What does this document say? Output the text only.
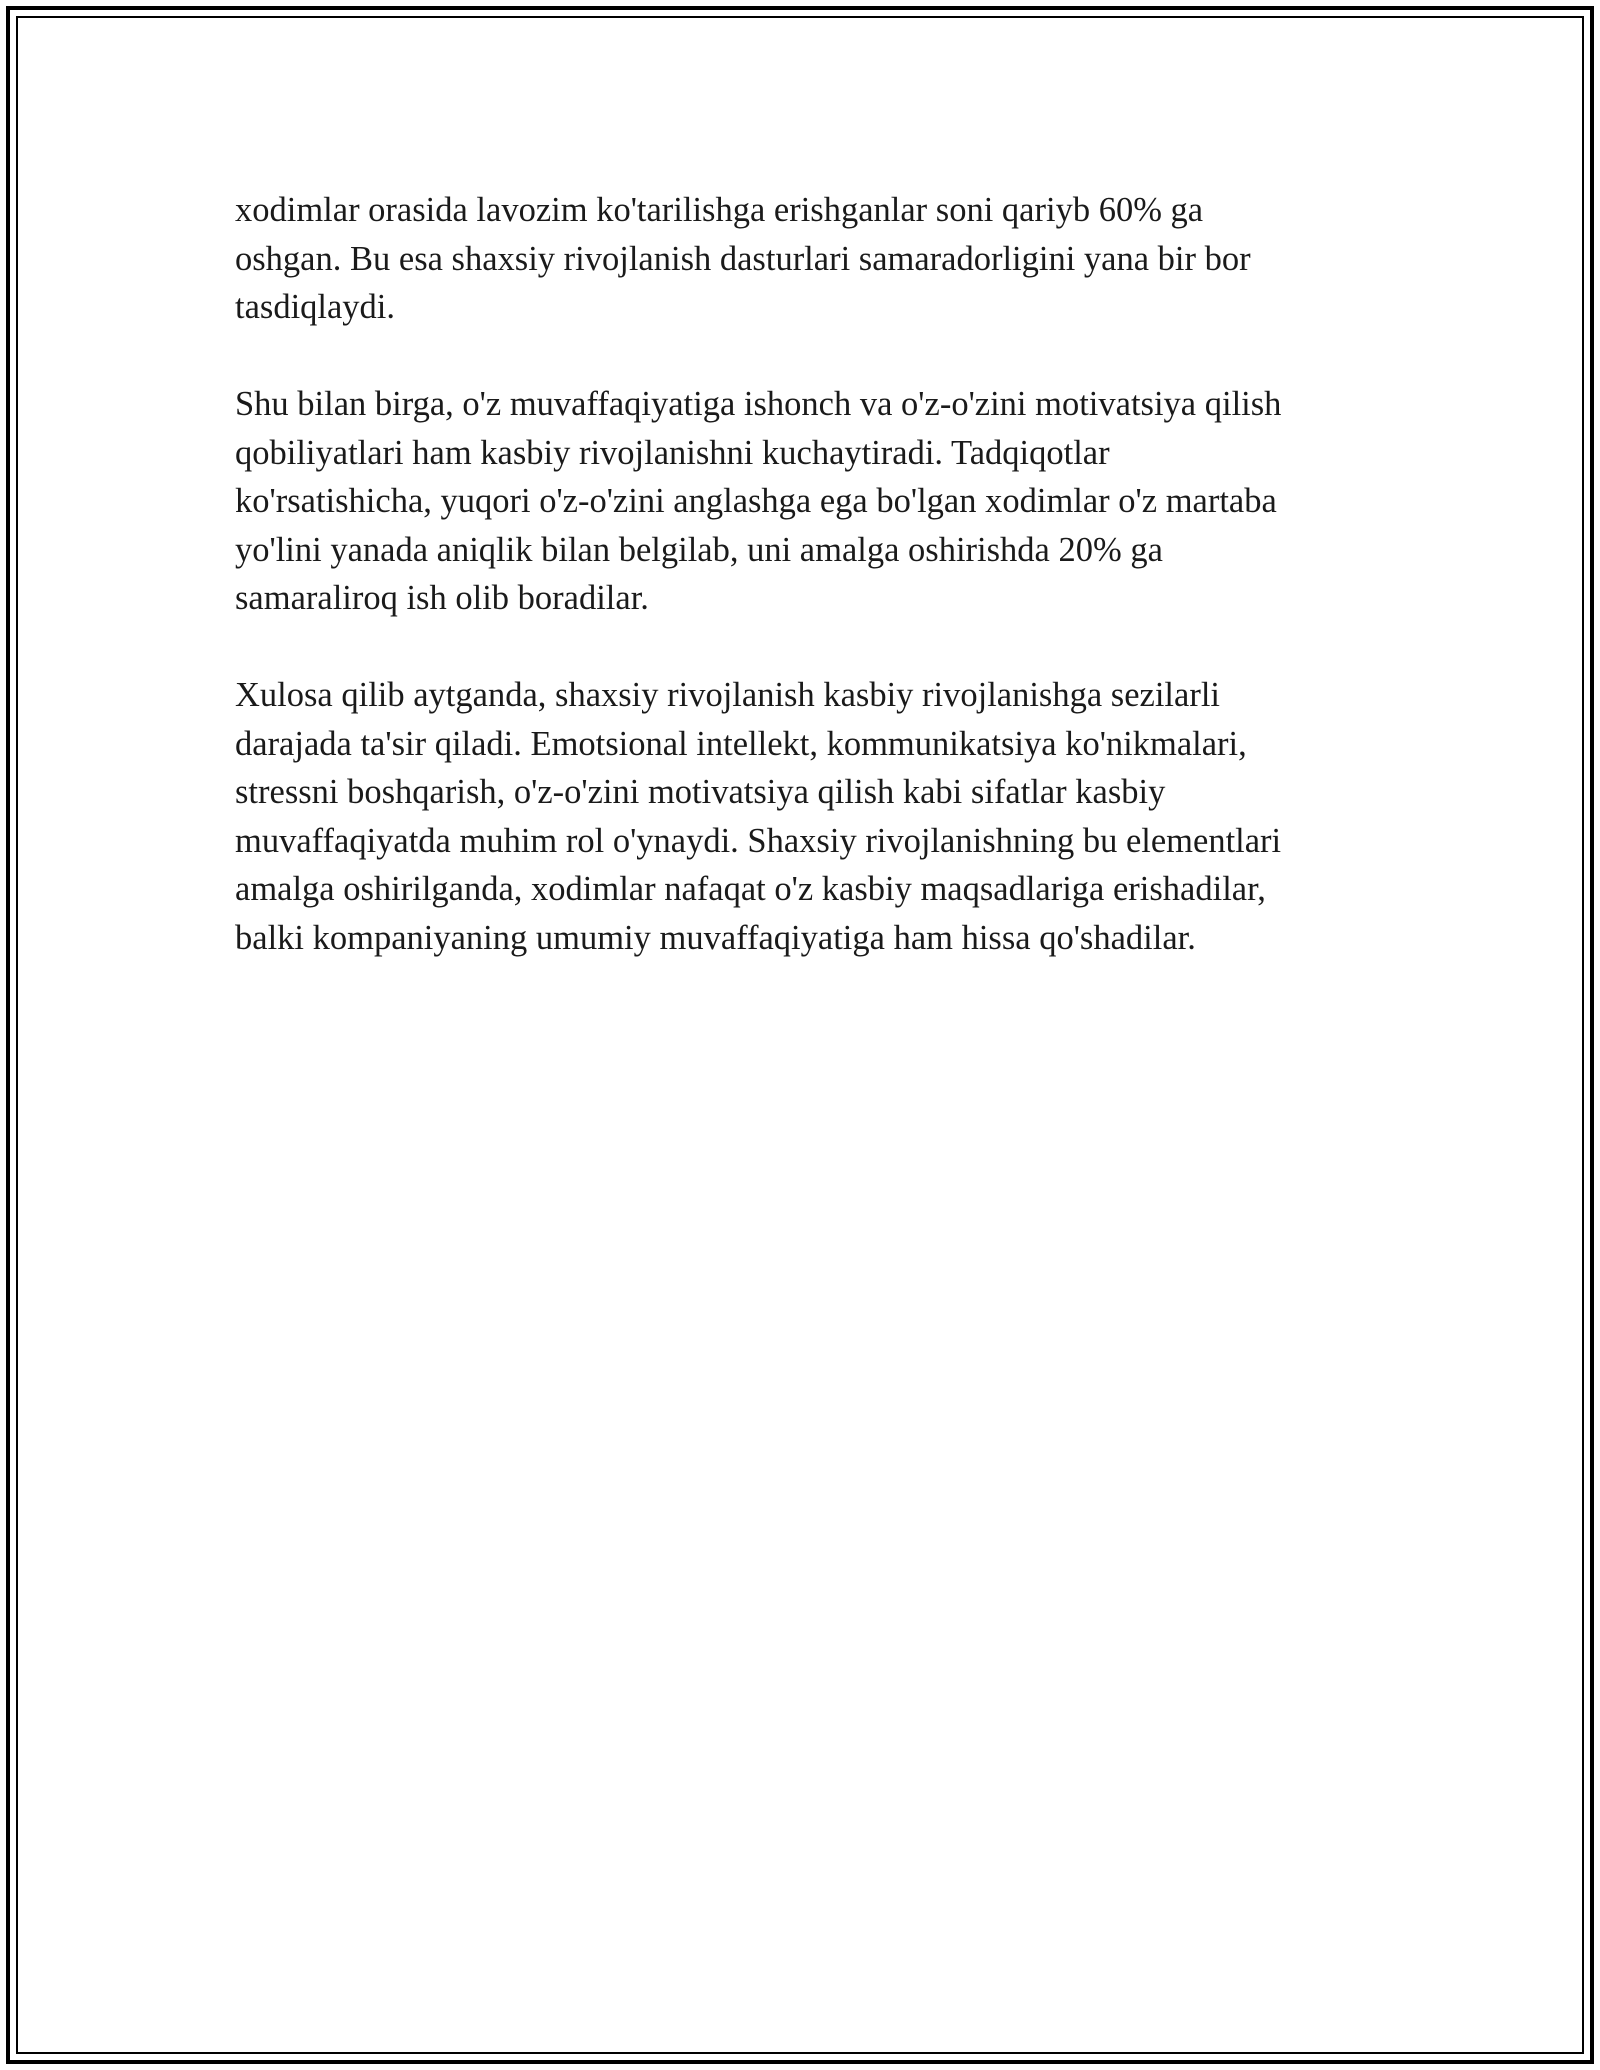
xodimlar orasida lavozim ko'tarilishga erishganlar soni qariyb 60% ga
oshgan. Bu esa shaxsiy rivojlanish dasturlari samaradorligini yana bir bor
tasdiqlaydi.

Shu bilan birga, o'z muvaffaqiyatiga ishonch va o'z-o'zini motivatsiya qilish
qobiliyatlari ham kasbiy rivojlanishni kuchaytiradi. Tadqiqotlar
ko'rsatishicha, yuqori o'z-o'zini anglashga ega bo'lgan xodimlar o'z martaba
yo'lini yanada aniqlik bilan belgilab, uni amalga oshirishda 20% ga
samaraliroq ish olib boradilar.

Xulosa qilib aytganda, shaxsiy rivojlanish kasbiy rivojlanishga sezilarli
darajada ta'sir qiladi. Emotsional intellekt, kommunikatsiya ko'nikmalari,
stressni boshqarish, o'z-o'zini motivatsiya qilish kabi sifatlar kasbiy
muvaffaqiyatda muhim rol o'ynaydi. Shaxsiy rivojlanishning bu elementlari
amalga oshirilganda, xodimlar nafaqat o'z kasbiy maqsadlariga erishadilar,
balki kompaniyaning umumiy muvaffaqiyatiga ham hissa qo'shadilar.
